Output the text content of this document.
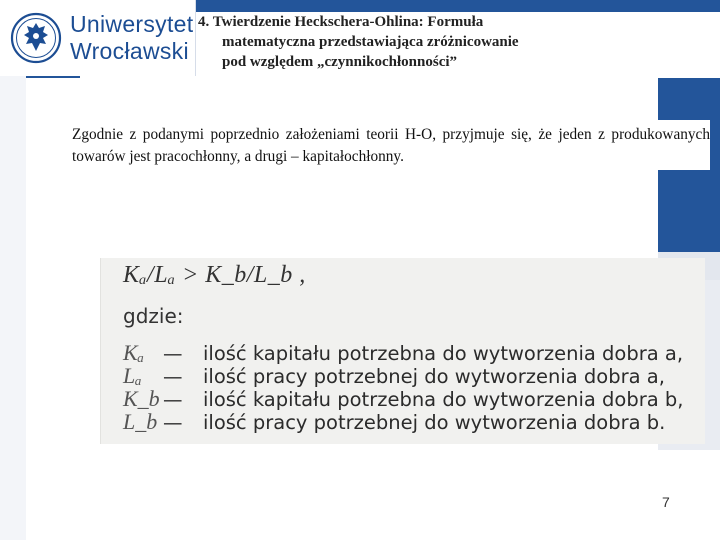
Uniwersytet
Wrocławski
4. Twierdzenie Heckschera-Ohlina: Formuła
matematyczna przedstawiająca zróżnicowanie
pod względem „czynnikochłonności”

Zgodnie z podanymi poprzednio założeniami teorii H-O, przyjmuje się, że jeden z produkowanych towarów jest pracochłonny, a drugi – kapitałochłonny.

Kₐ/Lₐ > K_b/L_b ,
gdzie:
Kₐ — ilość kapitału potrzebna do wytworzenia dobra a,
Lₐ — ilość pracy potrzebnej do wytworzenia dobra a,
K_b — ilość kapitału potrzebna do wytworzenia dobra b,
L_b — ilość pracy potrzebnej do wytworzenia dobra b.
7
